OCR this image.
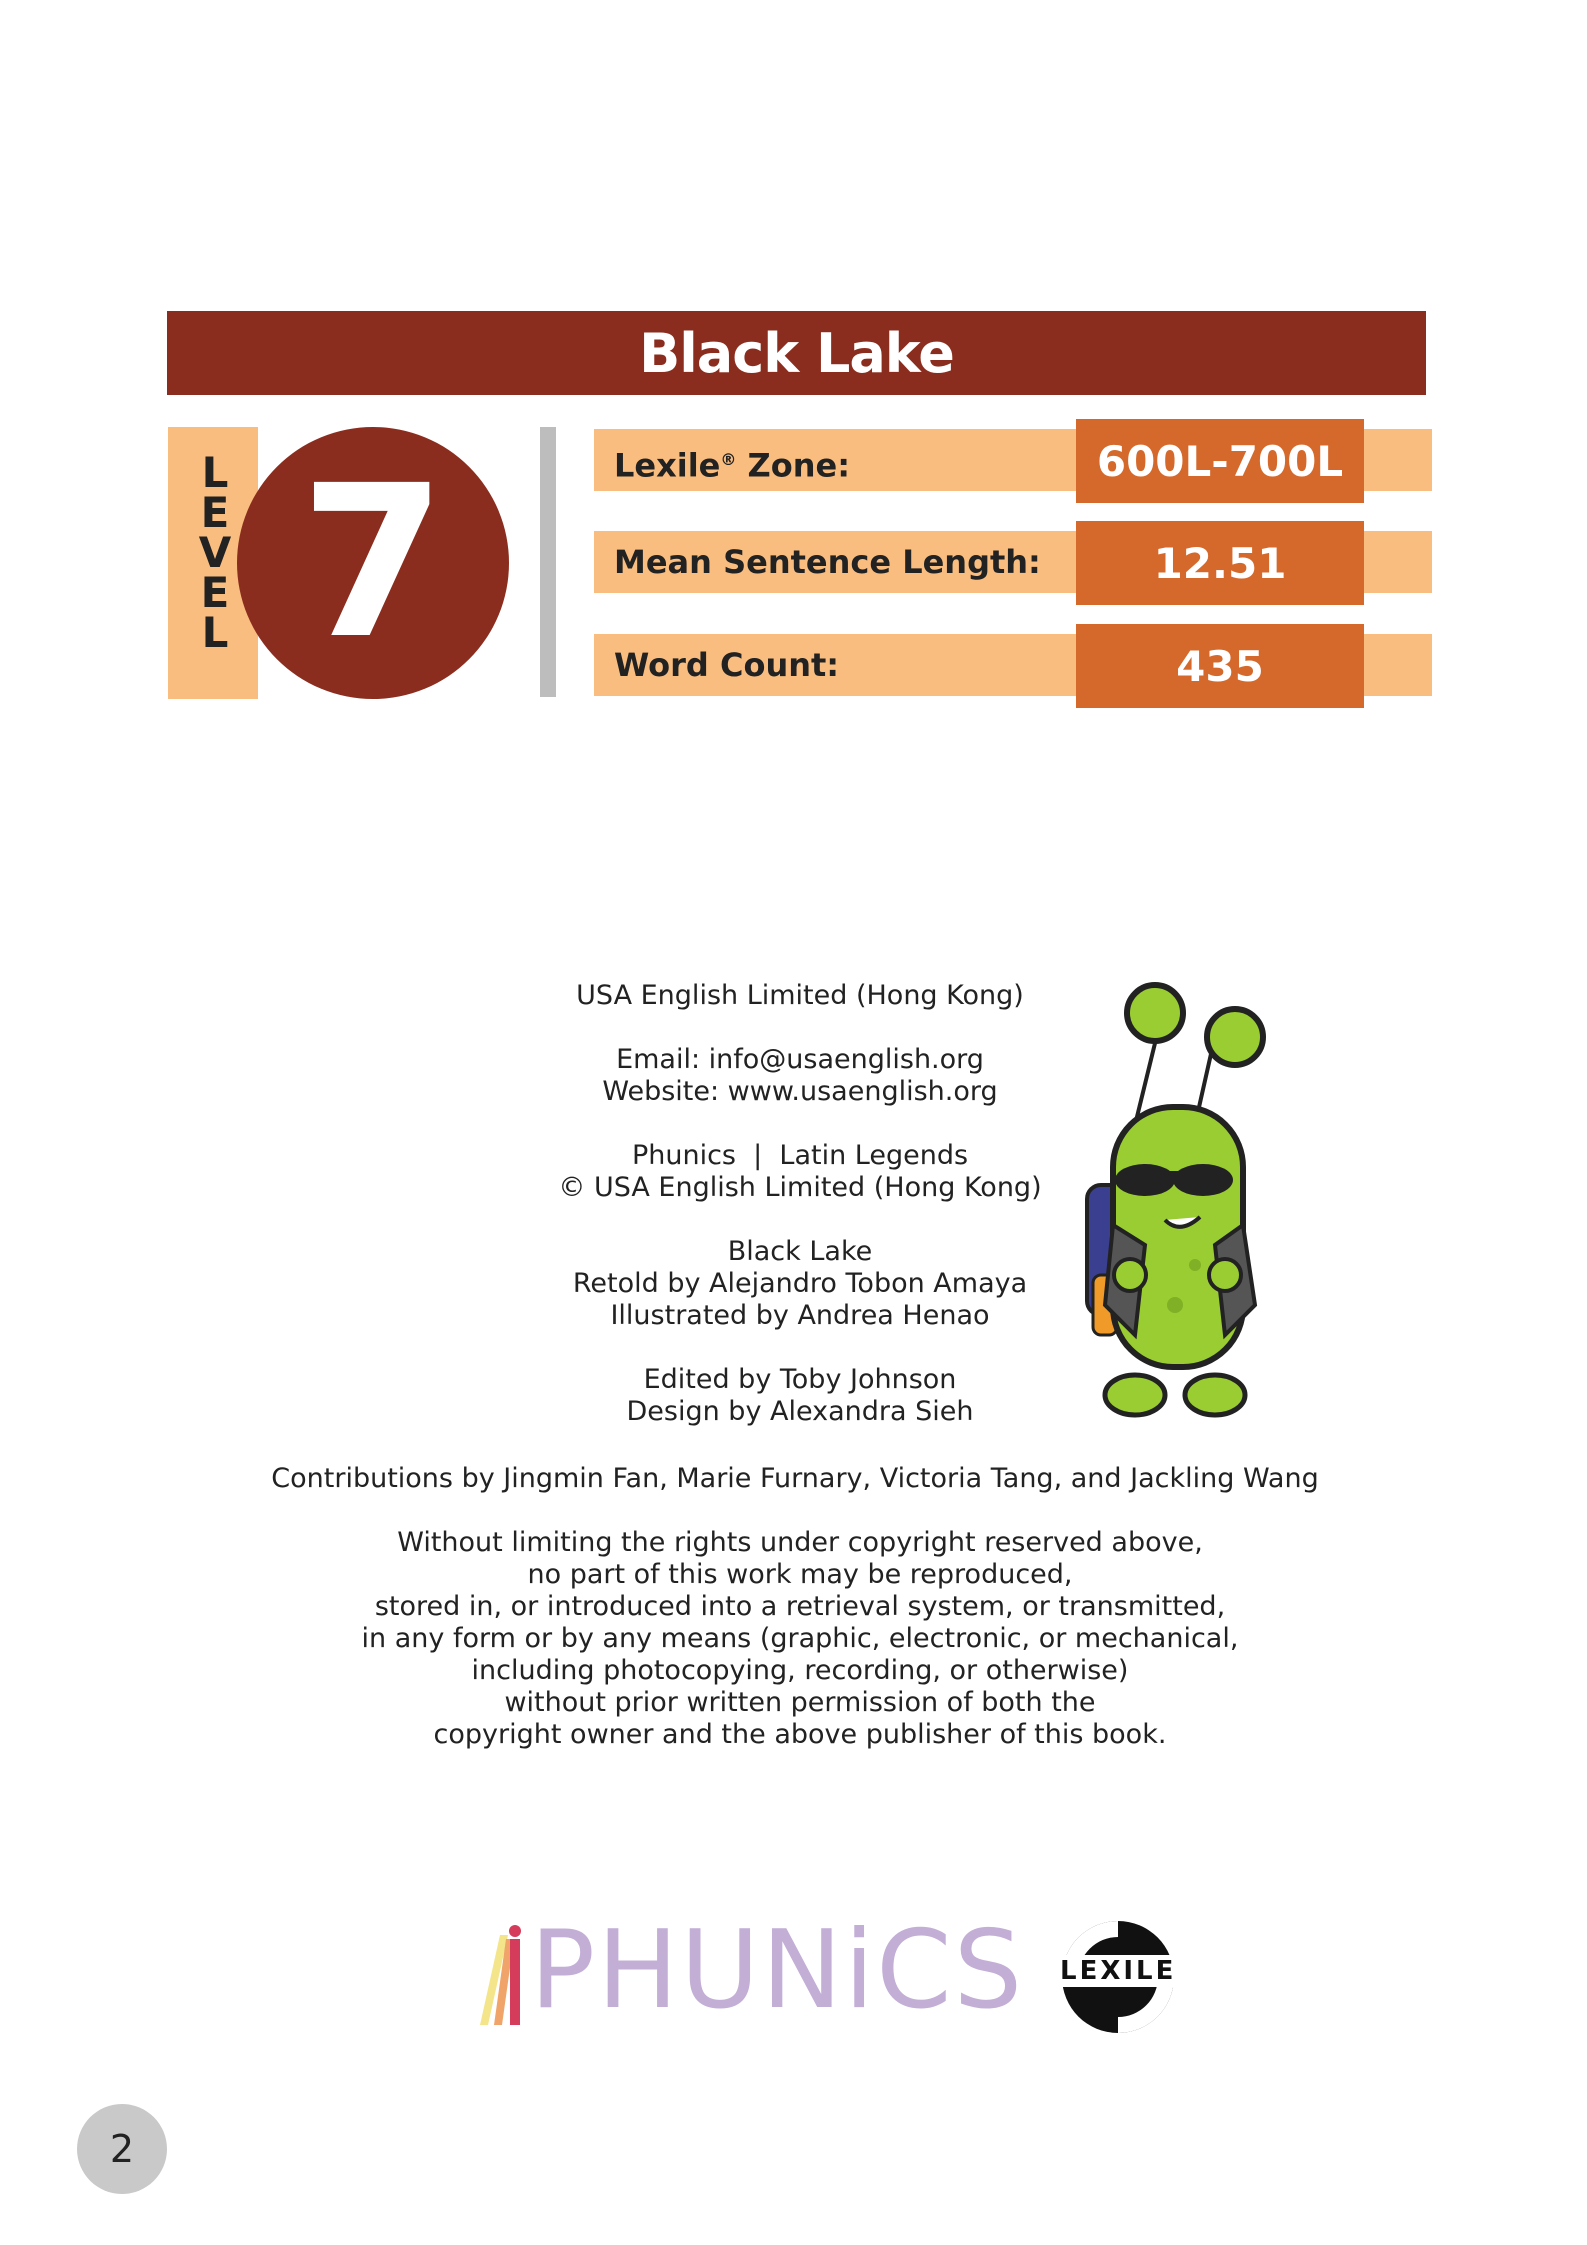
Black Lake
L
E
V
E
L 7	Lexile® Zone:	600L-700L
Mean Sentence Length:	12.51
Word Count:	435
USA English Limited (Hong Kong)
Email: info@usaenglish.org
Website: www.usaenglish.org
Phunics  |  Latin Legends
© USA English Limited (Hong Kong)
Black Lake
Retold by Alejandro Tobon Amaya
Illustrated by Andrea Henao
Edited by Toby Johnson
Design by Alexandra Sieh
Contributions by Jingmin Fan, Marie Furnary, Victoria Tang, and Jackling Wang
Without limiting the rights under copyright reserved above,
no part of this work may be reproduced,
stored in, or introduced into a retrieval system, or transmitted,
in any form or by any means (graphic, electronic, or mechanical,
including photocopying, recording, or otherwise)
without prior written permission of both the
copyright owner and the above publisher of this book.
PHUNiCS LEXILE
2
